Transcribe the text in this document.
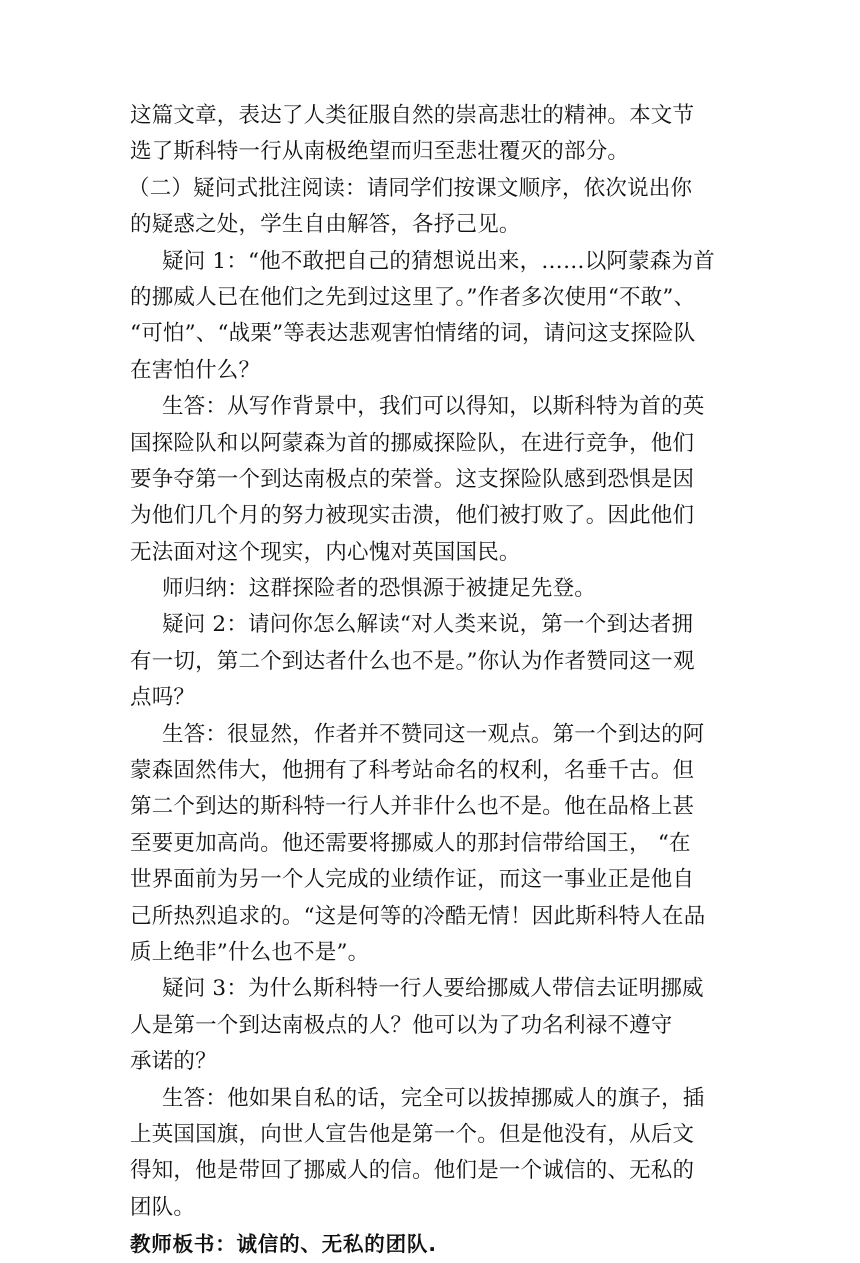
这篇文章，表达了人类征服自然的崇高悲壮的精神。本文节
选了斯科特一行从南极绝望而归至悲壮覆灭的部分。
（二）疑问式批注阅读：请同学们按课文顺序，依次说出你
的疑惑之处，学生自由解答，各抒己见。
疑问 1：“他不敢把自己的猜想说出来，……以阿蒙森为首
的挪威人已在他们之先到过这里了。”作者多次使用“不敢”、
“可怕”、“战栗”等表达悲观害怕情绪的词，请问这支探险队
在害怕什么？
生答：从写作背景中，我们可以得知，以斯科特为首的英
国探险队和以阿蒙森为首的挪威探险队，在进行竞争，他们
要争夺第一个到达南极点的荣誉。这支探险队感到恐惧是因
为他们几个月的努力被现实击溃，他们被打败了。因此他们
无法面对这个现实，内心愧对英国国民。
师归纳：这群探险者的恐惧源于被捷足先登。
疑问 2：请问你怎么解读“对人类来说，第一个到达者拥
有一切，第二个到达者什么也不是。”你认为作者赞同这一观
点吗？
生答：很显然，作者并不赞同这一观点。第一个到达的阿
蒙森固然伟大，他拥有了科考站命名的权利，名垂千古。但
第二个到达的斯科特一行人并非什么也不是。他在品格上甚
至要更加高尚。他还需要将挪威人的那封信带给国王， “在
世界面前为另一个人完成的业绩作证，而这一事业正是他自
己所热烈追求的。“这是何等的冷酷无情！因此斯科特人在品
质上绝非”什么也不是”。
疑问 3：为什么斯科特一行人要给挪威人带信去证明挪威
人是第一个到达南极点的人？他可以为了功名利禄不遵守
承诺的？
生答：他如果自私的话，完全可以拔掉挪威人的旗子，插
上英国国旗，向世人宣告他是第一个。但是他没有，从后文
得知，他是带回了挪威人的信。他们是一个诚信的、无私的
团队。
教师板书：诚信的、无私的团队.
